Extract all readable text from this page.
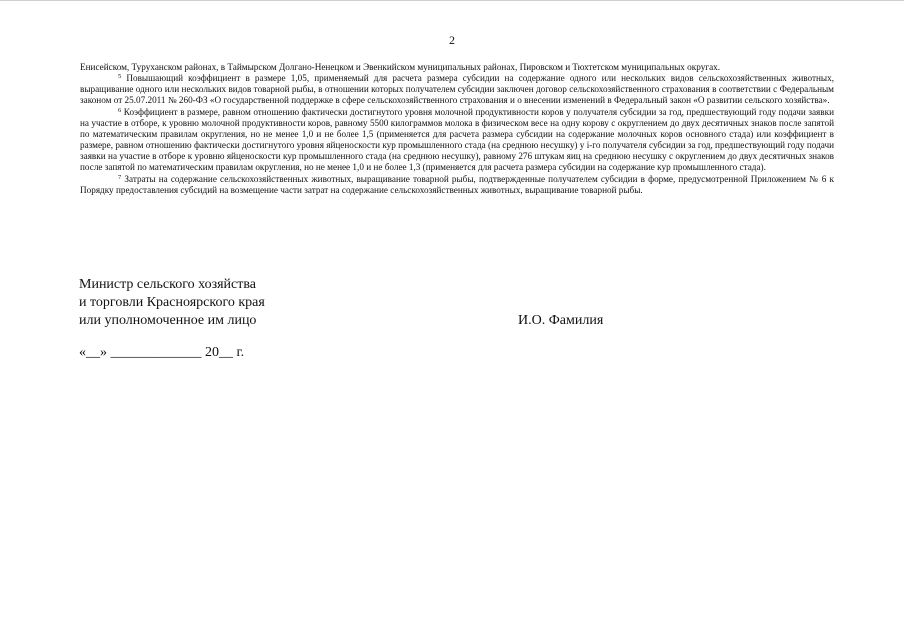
2

Енисейском, Туруханском районах, в Таймырском Долгано-Ненецком и Эвенкийском муниципальных районах, Пировском и Тюхтетском муниципальных округах.

$^5$ Повышающий коэффициент в размере 1,05, применяемый для расчета размера субсидии на содержание одного или нескольких видов сельскохозяйственных животных, выращивание одного или нескольких видов товарной рыбы, в отношении которых получателем субсидии заключен договор сельскохозяйственного страхования в соответствии с Федеральным законом от 25.07.2011 № 260-ФЗ «О государственной поддержке в сфере сельскохозяйственного страхования и о внесении изменений в Федеральный закон «О развитии сельского хозяйства».

$^6$ Коэффициент в размере, равном отношению фактически достигнутого уровня молочной продуктивности коров у получателя субсидии за год, предшествующий году подачи заявки на участие в отборе, к уровню молочной продуктивности коров, равному 5500 килограммов молока в физическом весе на одну корову с округлением до двух десятичных знаков после запятой по математическим правилам округления, но не менее 1,0 и не более 1,5 (применяется для расчета размера субсидии на содержание молочных коров основного стада) или коэффициент в размере, равном отношению фактически достигнутого уровня яйценоскости кур промышленного стада (на среднюю несушку) у i-го получателя субсидии за год, предшествующий году подачи заявки на участие в отборе к уровню яйценоскости кур промышленного стада (на среднюю несушку), равному 276 штукам яиц на среднюю несушку с округлением до двух десятичных знаков после запятой по математическим правилам округления, но не менее 1,0 и не более 1,3 (применяется для расчета размера субсидии на содержание кур промышленного стада).

$^7$ Затраты на содержание сельскохозяйственных животных, выращивание товарной рыбы, подтвержденные получателем субсидии в форме, предусмотренной Приложением № 6 к Порядку предоставления субсидий на возмещение части затрат на содержание сельскохозяйственных животных, выращивание товарной рыбы.

Министр сельского хозяйства
и торговли Красноярского края
или уполномоченное им лицо	И.О. Фамилия
«__» _____________ 20__ г.
